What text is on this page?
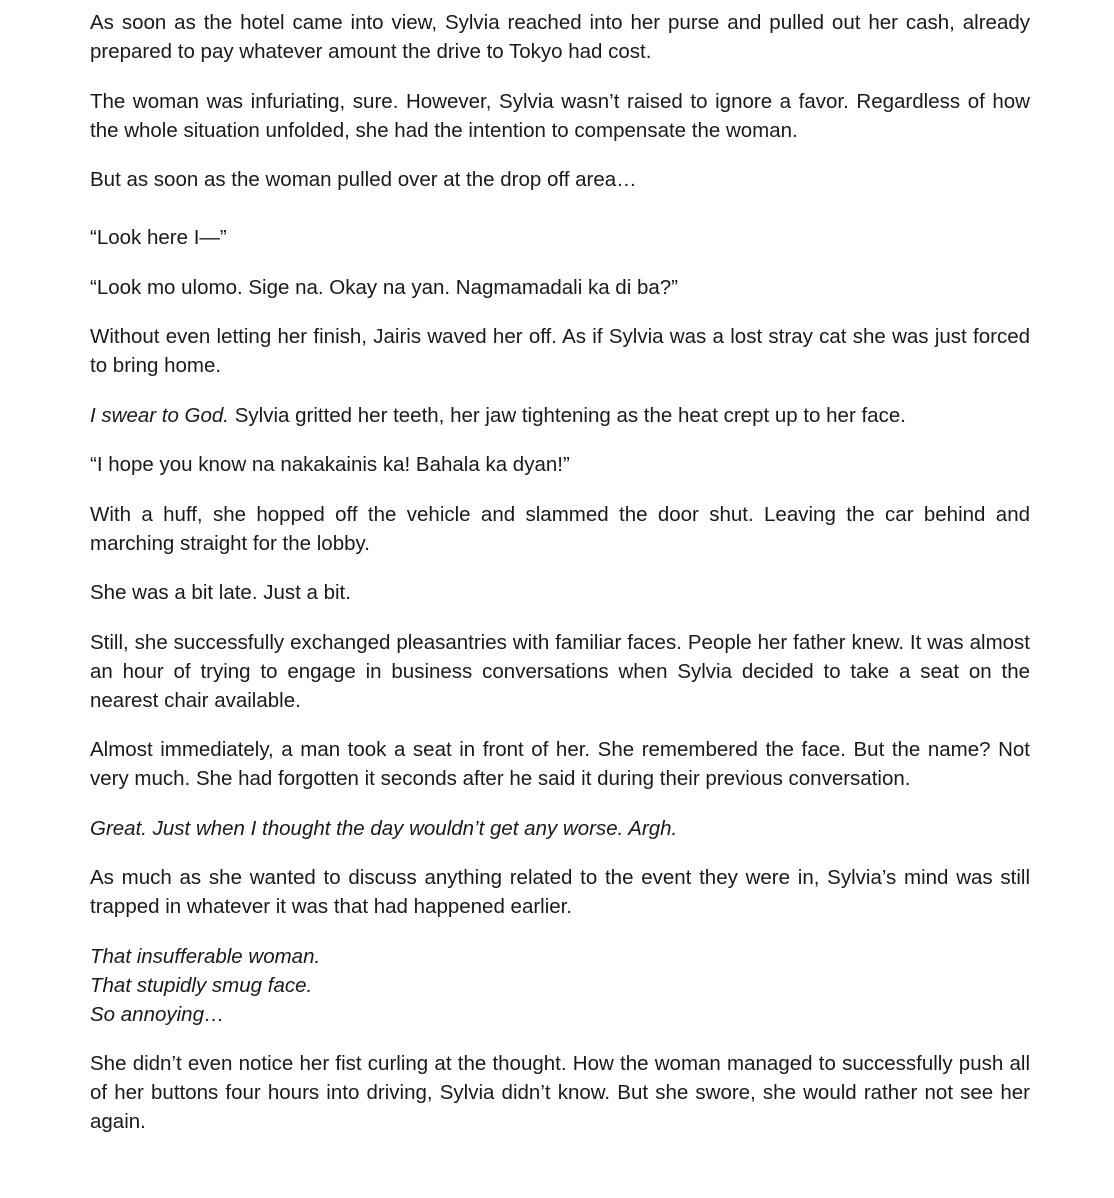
As soon as the hotel came into view, Sylvia reached into her purse and pulled out her cash, already prepared to pay whatever amount the drive to Tokyo had cost.

The woman was infuriating, sure. However, Sylvia wasn’t raised to ignore a favor. Regardless of how the whole situation unfolded, she had the intention to compensate the woman.

But as soon as the woman pulled over at the drop off area…

“Look here I—”

“Look mo ulomo. Sige na. Okay na yan. Nagmamadali ka di ba?”

Without even letting her finish, Jairis waved her off. As if Sylvia was a lost stray cat she was just forced to bring home.

I swear to God. Sylvia gritted her teeth, her jaw tightening as the heat crept up to her face.

“I hope you know na nakakainis ka! Bahala ka dyan!”

With a huff, she hopped off the vehicle and slammed the door shut. Leaving the car behind and marching straight for the lobby.

She was a bit late. Just a bit.

Still, she successfully exchanged pleasantries with familiar faces. People her father knew. It was almost an hour of trying to engage in business conversations when Sylvia decided to take a seat on the nearest chair available.

Almost immediately, a man took a seat in front of her. She remembered the face. But the name? Not very much. She had forgotten it seconds after he said it during their previous conversation.

Great. Just when I thought the day wouldn’t get any worse. Argh.

As much as she wanted to discuss anything related to the event they were in, Sylvia’s mind was still trapped in whatever it was that had happened earlier.

That insufferable woman.
That stupidly smug face.
So annoying…

She didn’t even notice her fist curling at the thought. How the woman managed to successfully push all of her buttons four hours into driving, Sylvia didn’t know. But she swore, she would rather not see her again.
